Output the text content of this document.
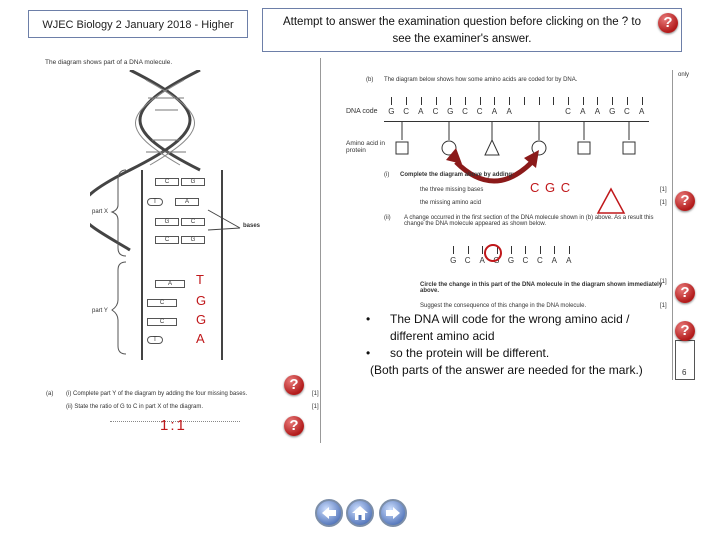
WJEC Biology 2 January 2018 - Higher	Attempt to answer the examination question before clicking on the ? to see the examiner's answer.
?
The diagram shows part of a DNA molecule.
part X
part Y
bases
C	G
T	A
G	C
C	G
A
C
C
T
T
G
G
A
(a) (i) Complete part Y of the diagram by adding the four missing bases.
(ii) State the ratio of G to C in part X of the diagram.
[1]
[1]
1:1
?
?
(b) The diagram below shows how some amino acids are coded for by DNA.
only
DNA code G C A C G C C A A	C A A G C A
Amino acid in protein
C G C
(i) Complete the diagram above by adding:
the three missing bases
the missing amino acid
[1]
[1]
(ii) A change occurred in the first section of the DNA molecule shown in (b) above. As a result this change the DNA molecule appeared as shown below.
G C A G G C C A A
Circle the change in this part of the DNA molecule in the diagram shown immediately above.
Suggest the consequence of this change in the DNA molecule.
[1]
[1]
•	The DNA will code for the wrong amino acid / different amino acid
•	so the protein will be different.
(Both parts of the answer are needed for the mark.)	6
?
?
?
